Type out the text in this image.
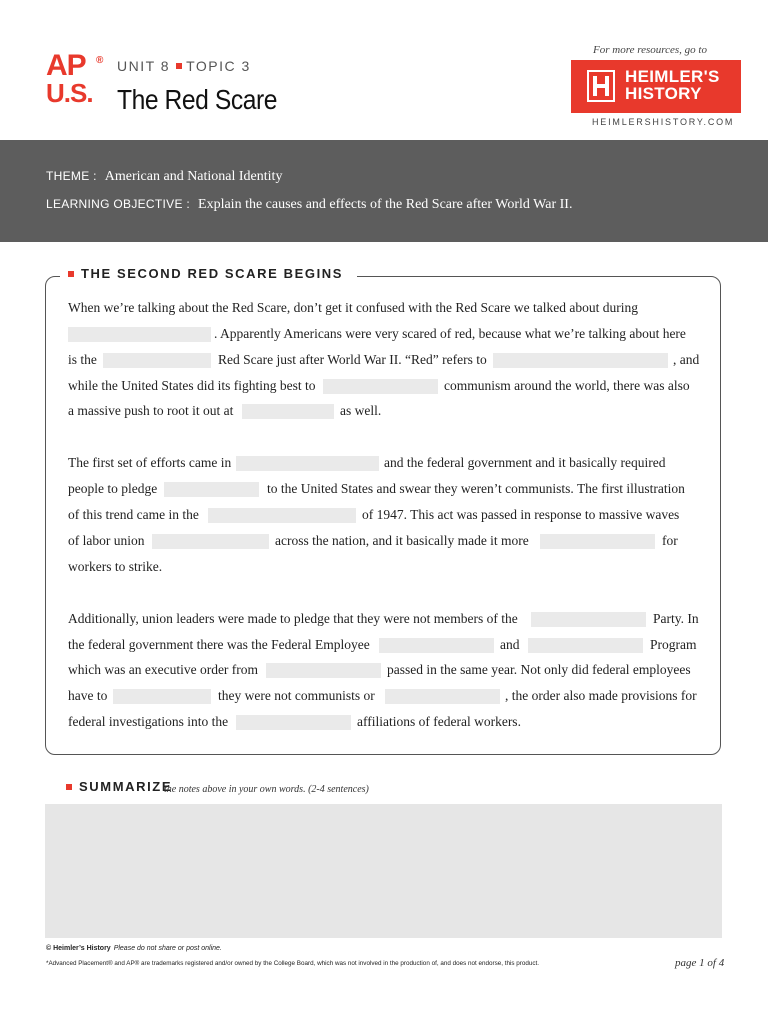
AP ®
U.S.
UNIT 8 TOPIC 3
The Red Scare
For more resources, go to
HEIMLER'S
HISTORY
HEIMLERSHISTORY.COM
THEME : American and National Identity
LEARNING OBJECTIVE : Explain the causes and effects of the Red Scare after World War II.
THE SECOND RED SCARE BEGINS
When we’re talking about the Red Scare, don’t get it confused with the Red Scare we talked about during
. Apparently Americans were very scared of red, because what we’re talking about here
is the	Red Scare just after World War II. “Red” refers to	, and
while the United States did its fighting best to	communism around the world, there was also
a massive push to root it out at	as well.
The first set of efforts came in	and the federal government and it basically required
people to pledge	to the United States and swear they weren’t communists. The first illustration
of this trend came in the	of 1947. This act was passed in response to massive waves
of labor union	across the nation, and it basically made it more	for
workers to strike.
Additionally, union leaders were made to pledge that they were not members of the	Party. In
the federal government there was the Federal Employee	and	Program
which was an executive order from	passed in the same year. Not only did federal employees
have to	they were not communists or	, the order also made provisions for
federal investigations into the	affiliations of federal workers.
SUMMARIZE
the notes above in your own words. (2-4 sentences)
© Heimler’s History Please do not share or post online.
*Advanced Placement® and AP® are trademarks registered and/or owned by the College Board, which was not involved in the production of, and does not endorse, this product.	page 1 of 4
